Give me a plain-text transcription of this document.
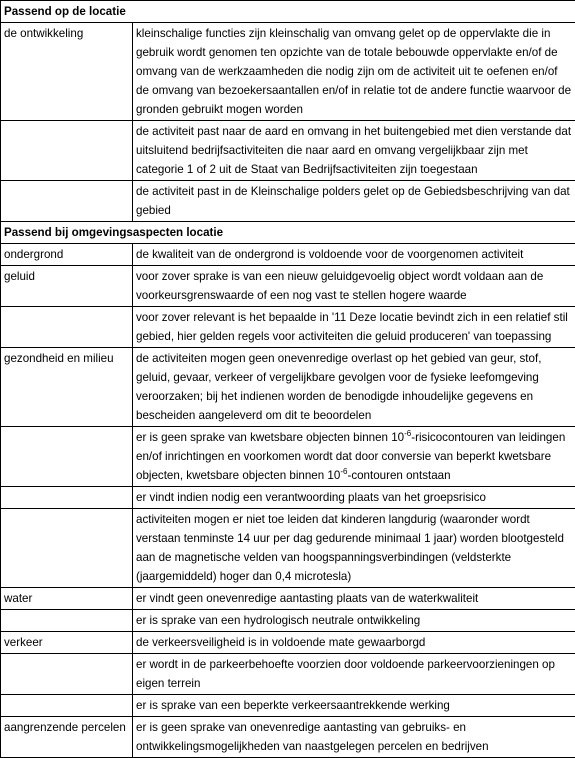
Passend op de locatie	
de ontwikkeling	kleinschalige functies zijn kleinschalig van omvang gelet op de oppervlakte die in gebruik wordt genomen ten opzichte van de totale bebouwde oppervlakte en/of de omvang van de werkzaamheden die nodig zijn om de activiteit uit te oefenen en/of de omvang van bezoekersaantallen en/of in relatie tot de andere functie waarvoor de gronden gebruikt mogen worden
	de activiteit past naar de aard en omvang in het buitengebied met dien verstande dat uitsluitend bedrijfsactiviteiten die naar aard en omvang vergelijkbaar zijn met categorie 1 of 2 uit de Staat van Bedrijfsactiviteiten zijn toegestaan
	de activiteit past in de Kleinschalige polders gelet op de Gebiedsbeschrijving van dat gebied
Passend bij omgevingsaspecten locatie	
ondergrond	de kwaliteit van de ondergrond is voldoende voor de voorgenomen activiteit
geluid	voor zover sprake is van een nieuw geluidgevoelig object wordt voldaan aan de voorkeursgrenswaarde of een nog vast te stellen hogere waarde
	voor zover relevant is het bepaalde in '11 Deze locatie bevindt zich in een relatief stil gebied, hier gelden regels voor activiteiten die geluid produceren' van toepassing
gezondheid en milieu	de activiteiten mogen geen onevenredige overlast op het gebied van geur, stof, geluid, gevaar, verkeer of vergelijkbare gevolgen voor de fysieke leefomgeving veroorzaken; bij het indienen worden de benodigde inhoudelijke gegevens en bescheiden aangeleverd om dit te beoordelen
	er is geen sprake van kwetsbare objecten binnen $10^{-6}$-risicocontouren van leidingen en/of inrichtingen en voorkomen wordt dat door conversie van beperkt kwetsbare objecten, kwetsbare objecten binnen $10^{-6}$-contouren ontstaan
	er vindt indien nodig een verantwoording plaats van het groepsrisico
	activiteiten mogen er niet toe leiden dat kinderen langdurig (waaronder wordt verstaan tenminste 14 uur per dag gedurende minimaal 1 jaar) worden blootgesteld aan de magnetische velden van hoogspanningsverbindingen (veldsterkte (jaargemiddeld) hoger dan 0,4 microtesla)
water	er vindt geen onevenredige aantasting plaats van de waterkwaliteit
	er is sprake van een hydrologisch neutrale ontwikkeling
verkeer	de verkeersveiligheid is in voldoende mate gewaarborgd
	er wordt in de parkeerbehoefte voorzien door voldoende parkeervoorzieningen op eigen terrein
	er is sprake van een beperkte verkeersaantrekkende werking
aangrenzende percelen	er is geen sprake van onevenredige aantasting van gebruiks- en ontwikkelingsmogelijkheden van naastgelegen percelen en bedrijven
